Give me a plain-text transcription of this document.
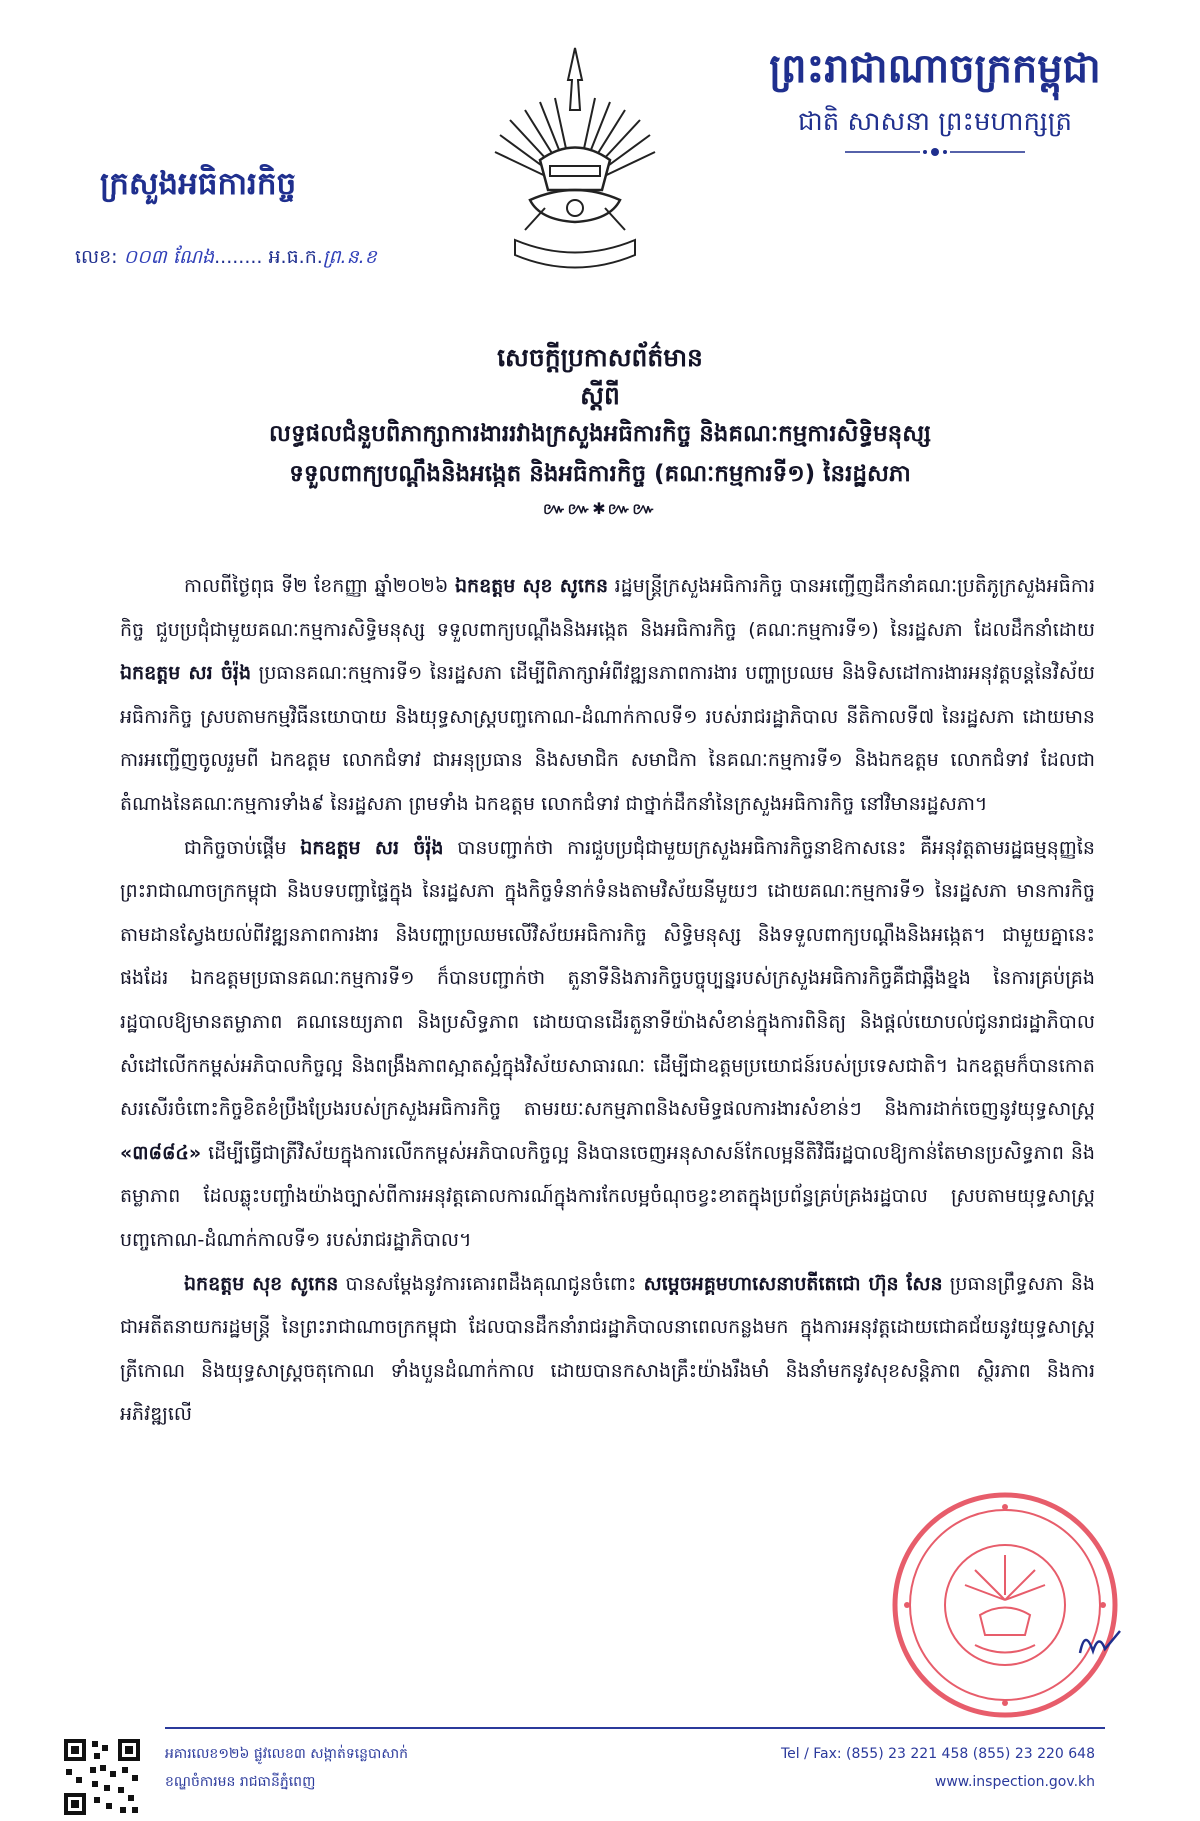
ព្រះរាជាណាចក្រកម្ពុជា
ជាតិ សាសនា ព្រះមហាក្សត្រ
ក្រសួងអធិការកិច្ច
លេខ: ០០៣ ណែង........ អ.ធ.ក.ព្រ.ន.ខ
សេចក្ដីប្រកាសព័ត៌មាន
ស្ដីពី
លទ្ធផលជំនួបពិភាក្សាការងាររវាងក្រសួងអធិការកិច្ច និងគណៈកម្មការសិទ្ធិមនុស្ស
ទទួលពាក្យបណ្ដឹងនិងអង្កេត និងអធិការកិច្ច (គណៈកម្មការទី១) នៃរដ្ឋសភា
៚៚✱៚៚

កាលពីថ្ងៃពុធ ទី២ ខែកញ្ញា ឆ្នាំ២០២៦ ឯកឧត្ដម សុខ សូកេន រដ្ឋមន្ត្រីក្រសួងអធិការកិច្ច បានអញ្ជើញដឹកនាំគណៈប្រតិភូក្រសួងអធិការកិច្ច ជួបប្រជុំជាមួយគណៈកម្មការសិទ្ធិមនុស្ស ទទួលពាក្យបណ្ដឹងនិងអង្កេត និងអធិការកិច្ច (គណៈកម្មការទី១) នៃរដ្ឋសភា ដែលដឹកនាំដោយ ឯកឧត្ដម សរ ចំរ៉ុង ប្រធានគណៈកម្មការទី១ នៃរដ្ឋសភា ដើម្បីពិភាក្សាអំពីវឌ្ឍនភាពការងារ បញ្ហាប្រឈម និងទិសដៅការងារអនុវត្តបន្តនៃវិស័យអធិការកិច្ច ស្របតាមកម្មវិធីនយោបាយ និងយុទ្ធសាស្ត្របញ្ចកោណ-ដំណាក់កាលទី១ របស់រាជរដ្ឋាភិបាល នីតិកាលទី៧ នៃរដ្ឋសភា ដោយមានការអញ្ជើញចូលរួមពី ឯកឧត្ដម លោកជំទាវ ជាអនុប្រធាន និងសមាជិក សមាជិកា នៃគណៈកម្មការទី១ និងឯកឧត្ដម លោកជំទាវ ដែលជាតំណាងនៃគណៈកម្មការទាំង៩ នៃរដ្ឋសភា ព្រមទាំង ឯកឧត្ដម លោកជំទាវ ជាថ្នាក់ដឹកនាំនៃក្រសួងអធិការកិច្ច នៅវិមានរដ្ឋសភា។

ជាកិច្ចចាប់ផ្ដើម ឯកឧត្ដម សរ ចំរ៉ុង បានបញ្ជាក់ថា ការជួបប្រជុំជាមួយក្រសួងអធិការកិច្ចនាឱកាសនេះ គឺអនុវត្តតាមរដ្ឋធម្មនុញ្ញនៃព្រះរាជាណាចក្រកម្ពុជា និងបទបញ្ជាផ្ទៃក្នុង នៃរដ្ឋសភា ក្នុងកិច្ចទំនាក់ទំនងតាមវិស័យនីមួយៗ ដោយគណៈកម្មការទី១ នៃរដ្ឋសភា មានការកិច្ចតាមដានស្វែងយល់ពីវឌ្ឍនភាពការងារ និងបញ្ហាប្រឈមលើវិស័យអធិការកិច្ច សិទ្ធិមនុស្ស និងទទួលពាក្យបណ្ដឹងនិងអង្កេត។ ជាមួយគ្នានេះផងដែរ ឯកឧត្ដមប្រធានគណៈកម្មការទី១ ក៏បានបញ្ជាក់ថា តួនាទីនិងភារកិច្ចបច្ចុប្បន្នរបស់ក្រសួងអធិការកិច្ចគឺជាឆ្អឹងខ្នង នៃការគ្រប់គ្រងរដ្ឋបាលឱ្យមានតម្លាភាព គណនេយ្យភាព និងប្រសិទ្ធភាព ដោយបានដើរតួនាទីយ៉ាងសំខាន់ក្នុងការពិនិត្យ និងផ្ដល់យោបល់ជូនរាជរដ្ឋាភិបាល សំដៅលើកកម្ពស់អភិបាលកិច្ចល្អ និងពង្រឹងភាពស្អាតស្អំក្នុងវិស័យសាធារណៈ ដើម្បីជាឧត្ដមប្រយោជន៍របស់ប្រទេសជាតិ។ ឯកឧត្ដមក៏បានកោតសរសើរចំពោះកិច្ចខិតខំប្រឹងប្រែងរបស់ក្រសួងអធិការកិច្ច តាមរយៈសកម្មភាពនិងសមិទ្ធផលការងារសំខាន់ៗ និងការដាក់ចេញនូវយុទ្ធសាស្ត្រ «៣៨៨៤» ដើម្បីធ្វើជាត្រីវិស័យក្នុងការលើកកម្ពស់អភិបាលកិច្ចល្អ និងបានចេញអនុសាសន៍កែលម្អនីតិវិធីរដ្ឋបាលឱ្យកាន់តែមានប្រសិទ្ធភាព និងតម្លាភាព ដែលឆ្លុះបញ្ចាំងយ៉ាងច្បាស់ពីការអនុវត្តគោលការណ៍ក្នុងការកែលម្អចំណុចខ្វះខាតក្នុងប្រព័ន្ធគ្រប់គ្រងរដ្ឋបាល ស្របតាមយុទ្ធសាស្ត្របញ្ចកោណ-ដំណាក់កាលទី១ របស់រាជរដ្ឋាភិបាល។

ឯកឧត្ដម សុខ សូកេន បានសម្ដែងនូវការគោរពដឹងគុណជូនចំពោះ សម្ដេចអគ្គមហាសេនាបតីតេជោ ហ៊ុន សែន ប្រធានព្រឹទ្ធសភា និងជាអតីតនាយករដ្ឋមន្ត្រី នៃព្រះរាជាណាចក្រកម្ពុជា ដែលបានដឹកនាំរាជរដ្ឋាភិបាលនាពេលកន្លងមក ក្នុងការអនុវត្តដោយជោគជ័យនូវយុទ្ធសាស្ត្រត្រីកោណ និងយុទ្ធសាស្ត្រចតុកោណ ទាំងបួនដំណាក់កាល ដោយបានកសាងគ្រឹះយ៉ាងរឹងមាំ និងនាំមកនូវសុខសន្តិភាព ស្ថិរភាព និងការអភិវឌ្ឍលើ

អគារលេខ១២៦ ផ្លូវលេខ៣ សង្កាត់ទន្លេបាសាក់
ខណ្ឌចំការមន រាជធានីភ្នំពេញ
Tel / Fax: (855) 23 221 458 (855) 23 220 648
www.inspection.gov.kh
